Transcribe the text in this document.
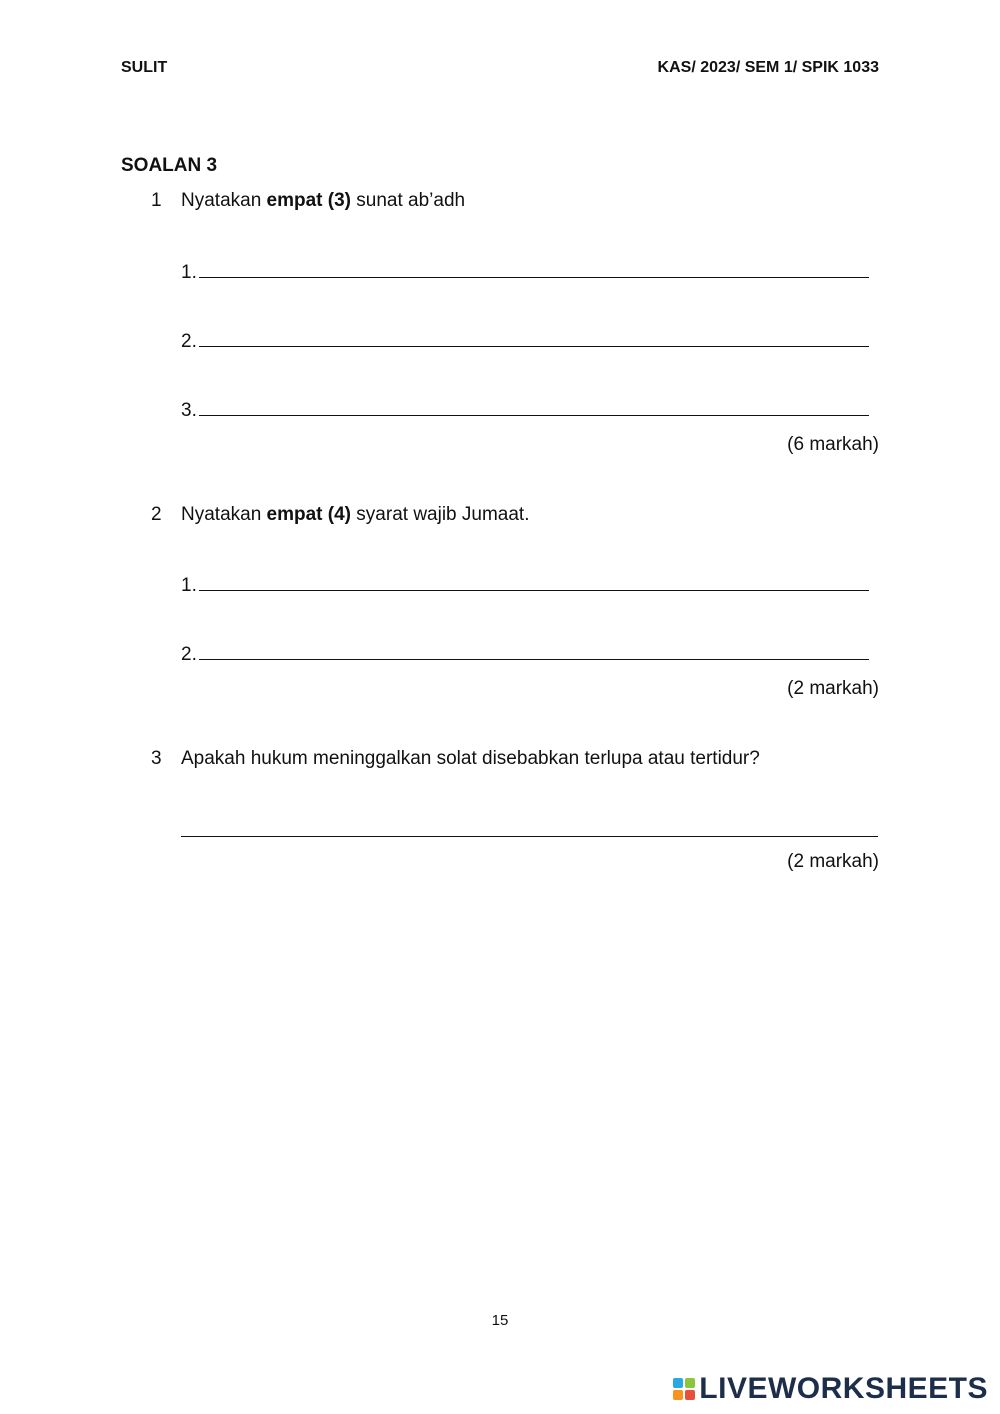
SULIT	KAS/ 2023/ SEM 1/ SPIK 1033
SOALAN 3
1 Nyatakan empat (3) sunat ab’adh
1.
2.
3.
(6 markah)
2 Nyatakan empat (4) syarat wajib Jumaat.
1.
2.
(2 markah)
3 Apakah hukum meninggalkan solat disebabkan terlupa atau tertidur?
(2 markah)
15
LIVEWORKSHEETS
